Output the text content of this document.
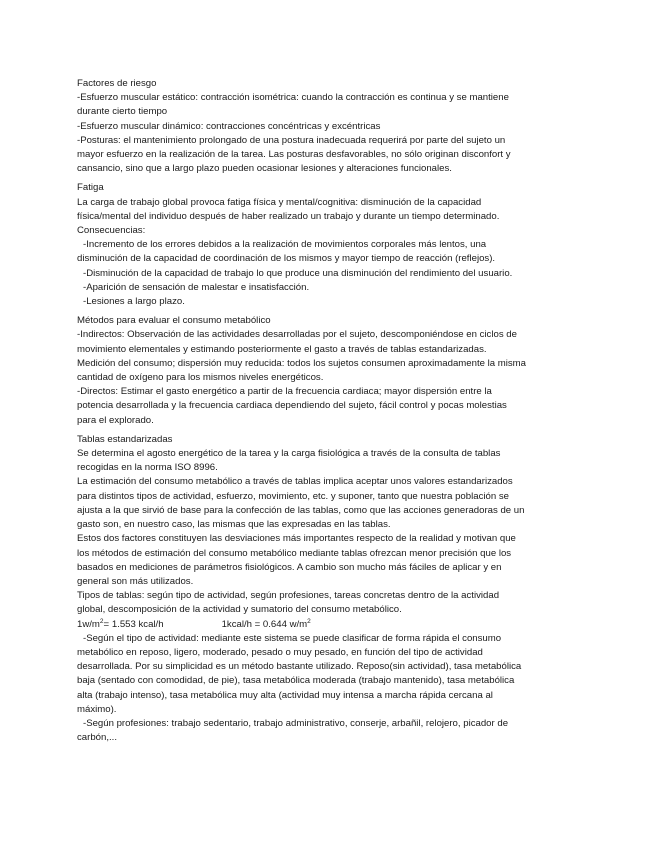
Factores de riesgo

-Esfuerzo muscular estático: contracción isométrica: cuando la contracción es continua y se mantiene

durante cierto tiempo

-Esfuerzo muscular dinámico: contracciones concéntricas y excéntricas

-Posturas: el mantenimiento prolongado de una postura inadecuada requerirá por parte del sujeto un

mayor esfuerzo en la realización de la tarea. Las posturas desfavorables, no sólo originan disconfort y

cansancio, sino que a largo plazo pueden ocasionar lesiones y alteraciones funcionales.

Fatiga

La carga de trabajo global provoca fatiga física y mental/cognitiva: disminución de la capacidad

física/mental del individuo después de haber realizado un trabajo y durante un tiempo determinado.

Consecuencias:

-Incremento de los errores debidos a la realización de movimientos corporales más lentos, una

disminución de la capacidad de coordinación de los mismos y mayor tiempo de reacción (reflejos).

-Disminución de la capacidad de trabajo lo que produce una disminución del rendimiento del usuario.

-Aparición de sensación de malestar e insatisfacción.

-Lesiones a largo plazo.

Métodos para evaluar el consumo metabólico

-Indirectos: Observación de las actividades desarrolladas por el sujeto, descomponiéndose en ciclos de

movimiento elementales y estimando posteriormente el gasto a través de tablas estandarizadas.

Medición del consumo; dispersión muy reducida: todos los sujetos consumen aproximadamente la misma

cantidad de oxígeno para los mismos niveles energéticos.

-Directos: Estimar el gasto energético a partir de la frecuencia cardiaca; mayor dispersión entre la

potencia desarrollada y la frecuencia cardiaca dependiendo del sujeto, fácil control y pocas molestias

para el explorado.

Tablas estandarizadas

Se determina el agosto energético de la tarea y la carga fisiológica a través de la consulta de tablas

recogidas en la norma ISO 8996.

La estimación del consumo metabólico a través de tablas implica aceptar unos valores estandarizados

para distintos tipos de actividad, esfuerzo, movimiento, etc. y suponer, tanto que nuestra población se

ajusta a la que sirvió de base para la confección de las tablas, como que las acciones generadoras de un

gasto son, en nuestro caso, las mismas que las expresadas en las tablas.

Estos dos factores constituyen las desviaciones más importantes respecto de la realidad y motivan que

los métodos de estimación del consumo metabólico mediante tablas ofrezcan menor precisión que los

basados en mediciones de parámetros fisiológicos. A cambio son mucho más fáciles de aplicar y en

general son más utilizados.

Tipos de tablas: según tipo de actividad, según profesiones, tareas concretas dentro de la actividad

global, descomposición de la actividad y sumatorio del consumo metabólico.

$1w/m^2= 1.553$ kcal/h	1kcal/h = 0.644 $w/m^2$

-Según el tipo de actividad: mediante este sistema se puede clasificar de forma rápida el consumo

metabólico en reposo, ligero, moderado, pesado o muy pesado, en función del tipo de actividad

desarrollada. Por su simplicidad es un método bastante utilizado. Reposo(sin actividad), tasa metabólica

baja (sentado con comodidad, de pie), tasa metabólica moderada (trabajo mantenido), tasa metabólica

alta (trabajo intenso), tasa metabólica muy alta (actividad muy intensa a marcha rápida cercana al

máximo).

-Según profesiones: trabajo sedentario, trabajo administrativo, conserje, arbañil, relojero, picador de

carbón,...
